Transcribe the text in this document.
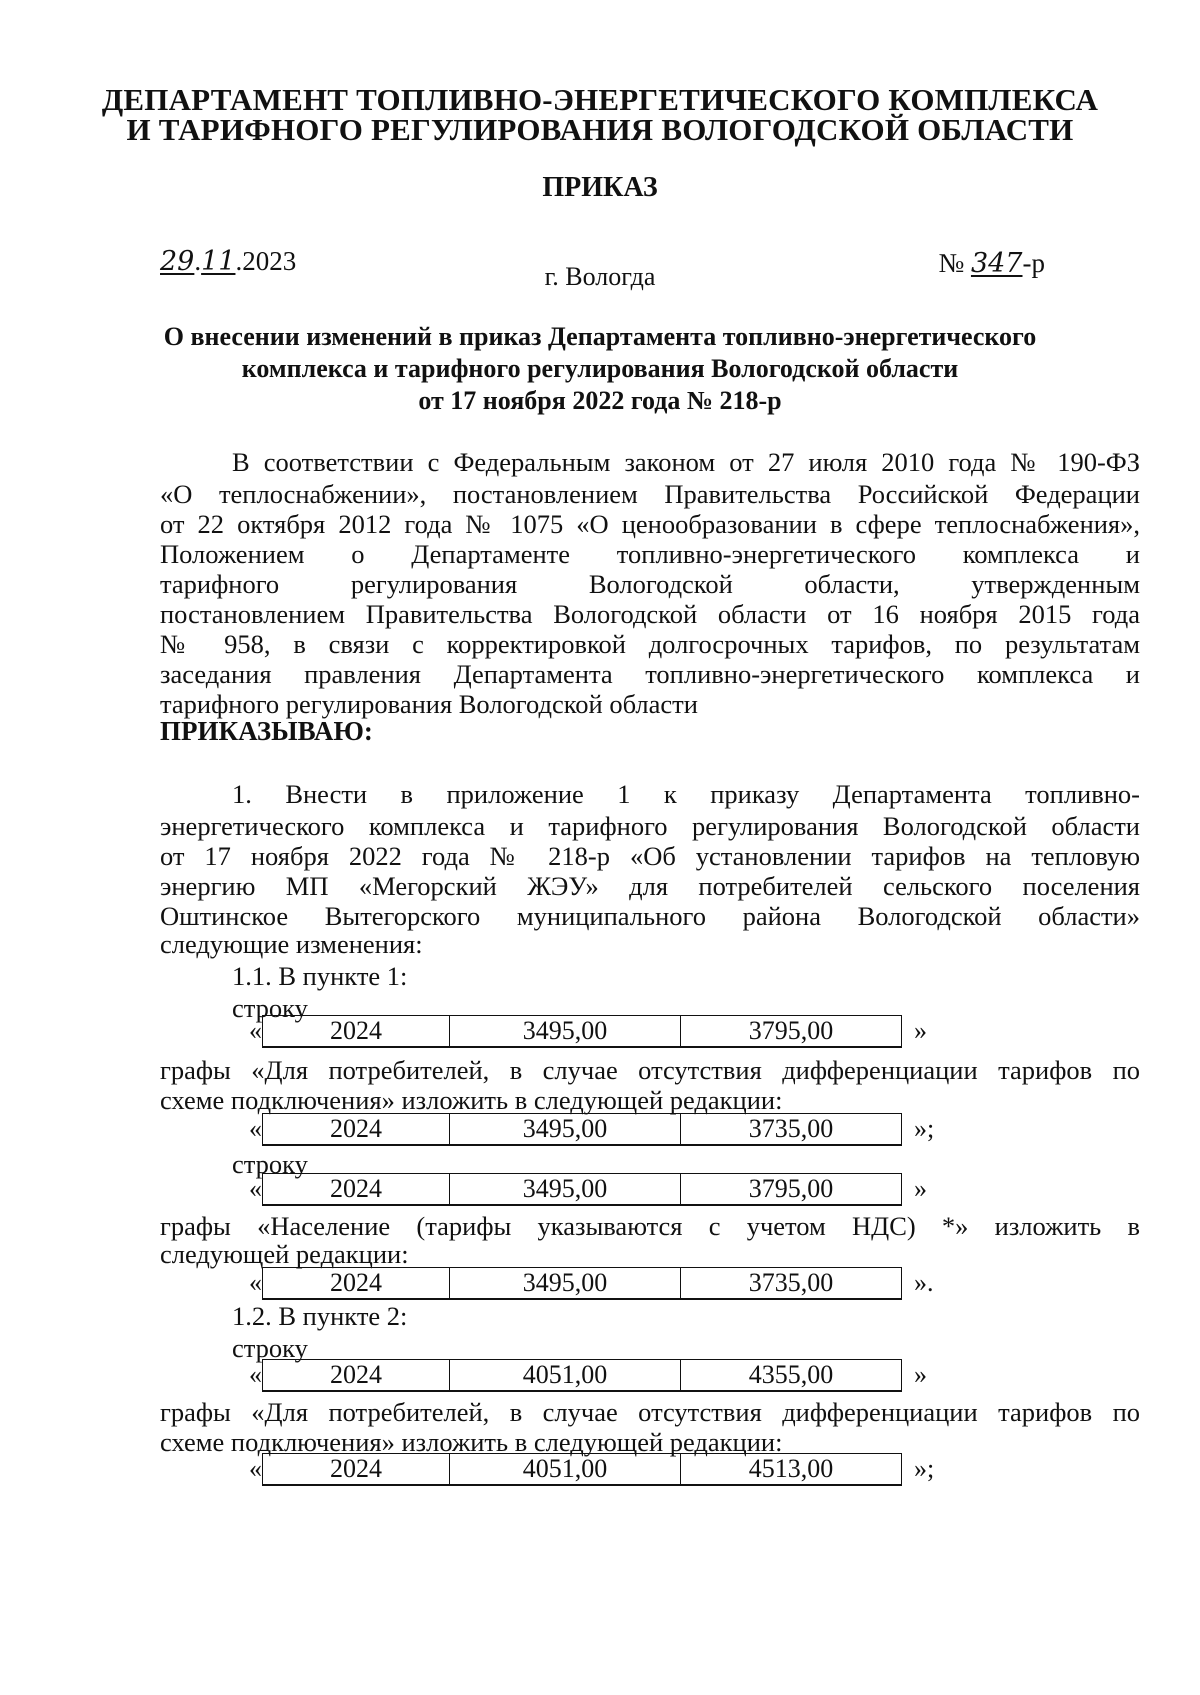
ДЕПАРТАМЕНТ ТОПЛИВНО-ЭНЕРГЕТИЧЕСКОГО КОМПЛЕКСА
И ТАРИФНОГО РЕГУЛИРОВАНИЯ ВОЛОГОДСКОЙ ОБЛАСТИ
ПРИКАЗ
29.11.2023	№ 347-р
г. Вологда
О внесении изменений в приказ Департамента топливно-энергетического
комплекса и тарифного регулирования Вологодской области
от 17 ноября 2022 года № 218-р
В соответствии с Федеральным законом от 27 июля 2010 года № 190-ФЗ
«О теплоснабжении», постановлением Правительства Российской Федерации
от 22 октября 2012 года № 1075 «О ценообразовании в сфере теплоснабжения»,
Положением о Департаменте топливно-энергетического комплекса и
тарифного регулирования Вологодской области, утвержденным
постановлением Правительства Вологодской области от 16 ноября 2015 года
№ 958, в связи с корректировкой долгосрочных тарифов, по результатам
заседания правления Департамента топливно-энергетического комплекса и
тарифного регулирования Вологодской области
ПРИКАЗЫВАЮ:
1. Внести в приложение 1 к приказу Департамента топливно-
энергетического комплекса и тарифного регулирования Вологодской области
от 17 ноября 2022 года № 218-р «Об установлении тарифов на тепловую
энергию МП «Мегорский ЖЭУ» для потребителей сельского поселения
Оштинское Вытегорского муниципального района Вологодской области»
следующие изменения:
1.1. В пункте 1:
строку
«	2024	3495,00	3795,00	»
графы «Для потребителей, в случае отсутствия дифференциации тарифов по
схеме подключения» изложить в следующей редакции:
«	2024	3495,00	3735,00	»;
строку
«	2024	3495,00	3795,00	»
графы «Население (тарифы указываются с учетом НДС) *» изложить в
следующей редакции:
«	2024	3495,00	3735,00	».
1.2. В пункте 2:
строку
«	2024	4051,00	4355,00	»
графы «Для потребителей, в случае отсутствия дифференциации тарифов по
схеме подключения» изложить в следующей редакции:
«	2024	4051,00	4513,00	»;
